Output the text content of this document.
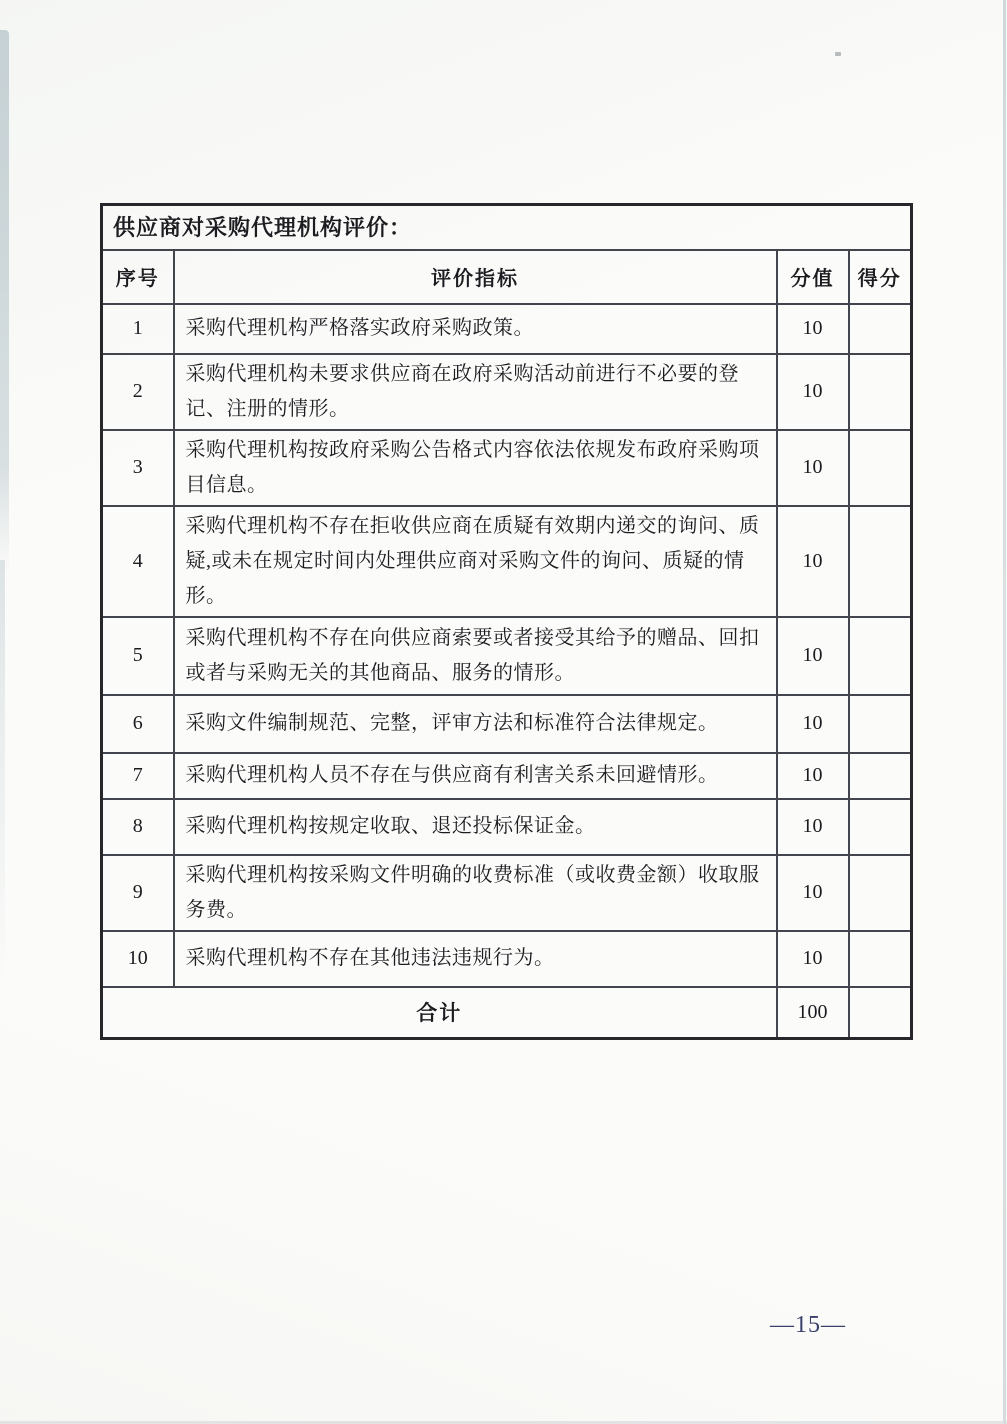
供应商对采购代理机构评价：			
序号	评价指标	分值	得分
1	采购代理机构严格落实政府采购政策。	10	
2	采购代理机构未要求供应商在政府采购活动前进行不必要的登记、注册的情形。	10	
3	采购代理机构按政府采购公告格式内容依法依规发布政府采购项目信息。	10	
4	采购代理机构不存在拒收供应商在质疑有效期内递交的询问、质疑,或未在规定时间内处理供应商对采购文件的询问、质疑的情形。	10	
5	采购代理机构不存在向供应商索要或者接受其给予的赠品、回扣或者与采购无关的其他商品、服务的情形。	10	
6	采购文件编制规范、完整，评审方法和标准符合法律规定。	10	
7	采购代理机构人员不存在与供应商有利害关系未回避情形。	10	
8	采购代理机构按规定收取、退还投标保证金。	10	
9	采购代理机构按采购文件明确的收费标准（或收费金额）收取服务费。	10	
10	采购代理机构不存在其他违法违规行为。	10	
合计		100	
—15—
